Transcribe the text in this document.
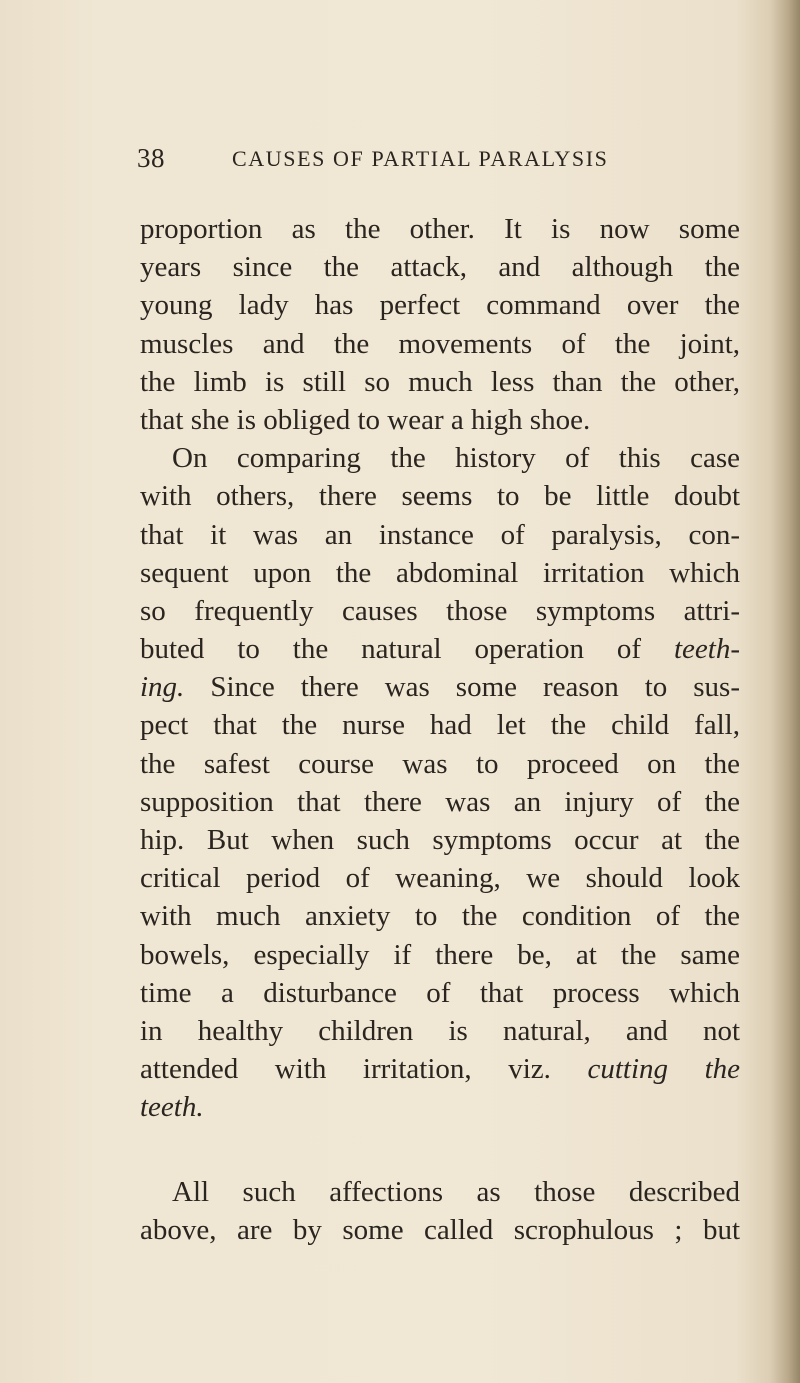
38	CAUSES OF PARTIAL PARALYSIS
proportion as the other. It is now some
years since the attack, and although the
young lady has perfect command over the
muscles and the movements of the joint,
the limb is still so much less than the other,
that she is obliged to wear a high shoe.
On comparing the history of this case
with others, there seems to be little doubt
that it was an instance of paralysis, con-
sequent upon the abdominal irritation which
so frequently causes those symptoms attri-
buted to the natural operation of teeth-
ing. Since there was some reason to sus-
pect that the nurse had let the child fall,
the safest course was to proceed on the
supposition that there was an injury of the
hip. But when such symptoms occur at the
critical period of weaning, we should look
with much anxiety to the condition of the
bowels, especially if there be, at the same
time a disturbance of that process which
in healthy children is natural, and not
attended with irritation, viz. cutting the
teeth.
All such affections as those described
above, are by some called scrophulous ; but
